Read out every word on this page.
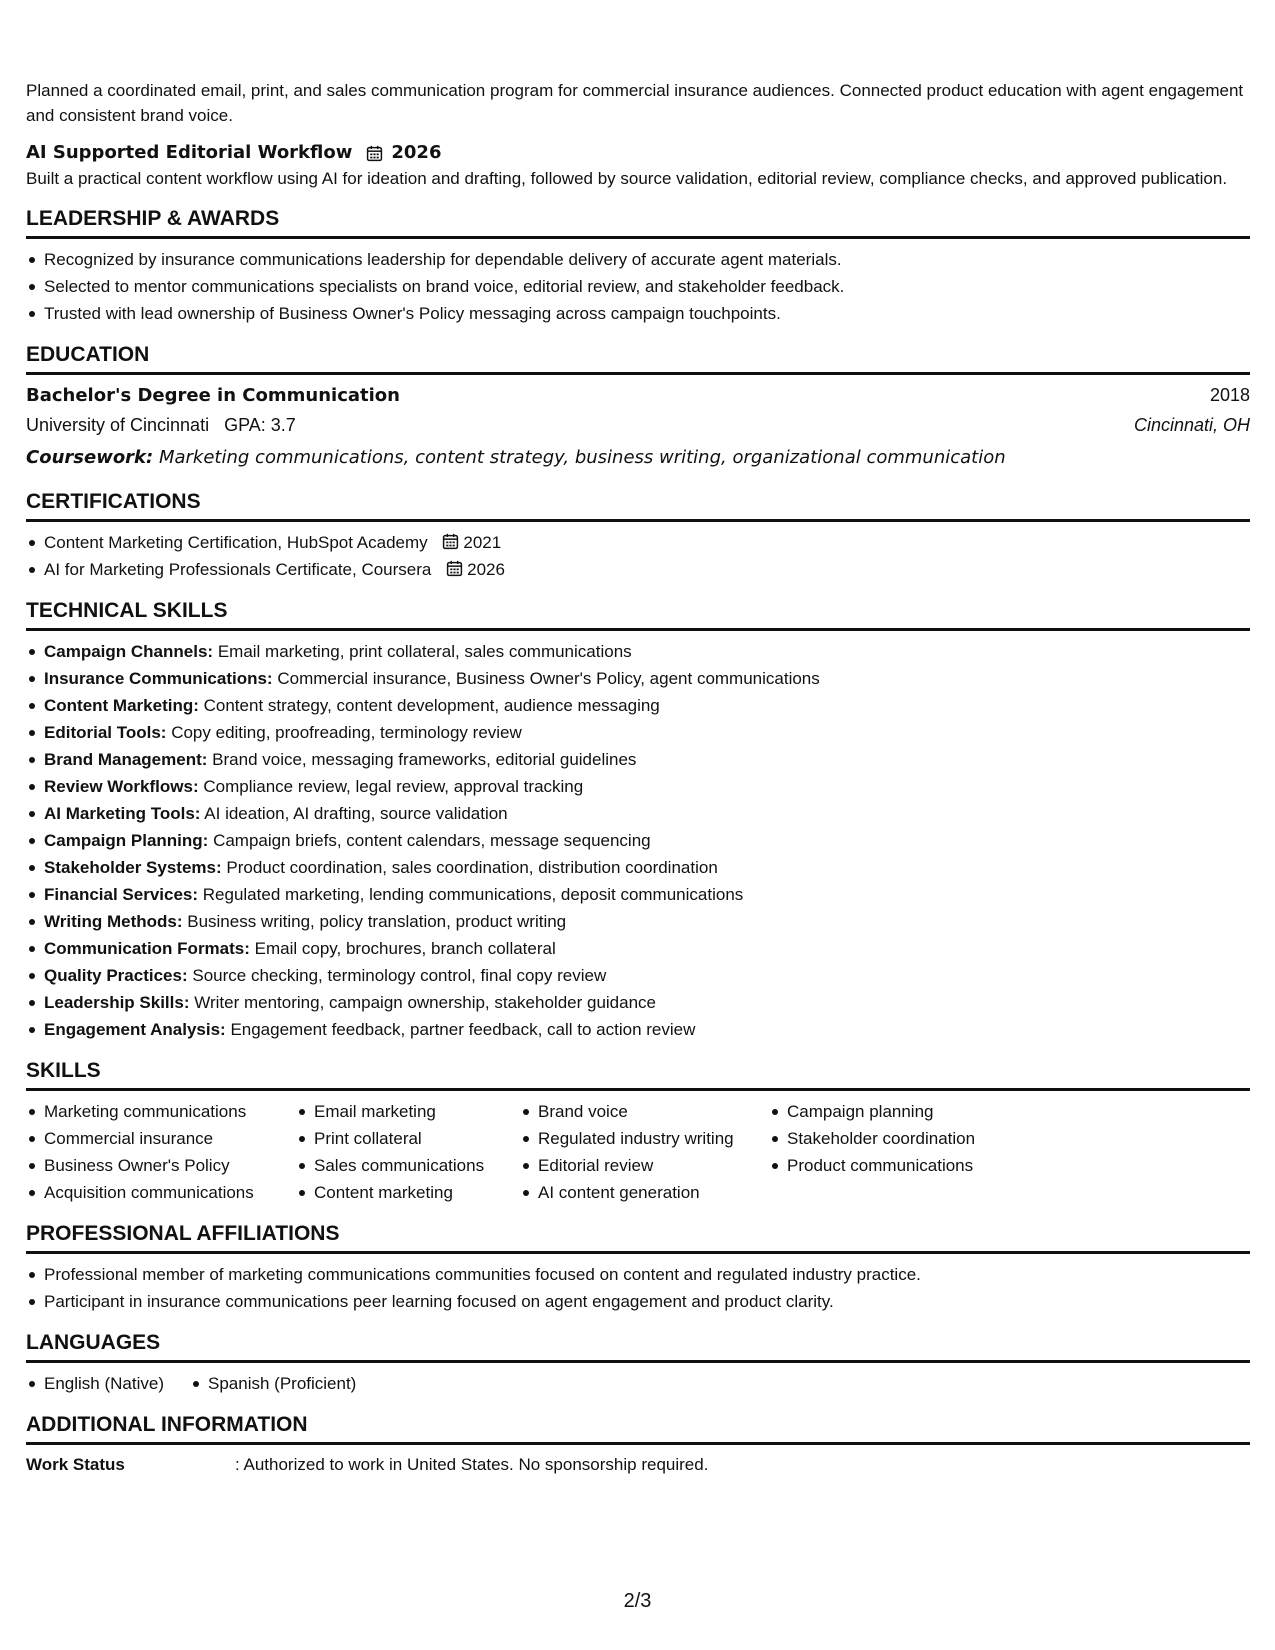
Planned a coordinated email, print, and sales communication program for commercial insurance audiences. Connected product education with agent engagement and consistent brand voice.

AI Supported Editorial Workflow 2026

Built a practical content workflow using AI for ideation and drafting, followed by source validation, editorial review, compliance checks, and approved publication.

LEADERSHIP & AWARDS
Recognized by insurance communications leadership for dependable delivery of accurate agent materials.
Selected to mentor communications specialists on brand voice, editorial review, and stakeholder feedback.
Trusted with lead ownership of Business Owner's Policy messaging across campaign touchpoints.
EDUCATION
Bachelor's Degree in Communication	2018
University of Cincinnati GPA: 3.7	Cincinnati, OH
Coursework: Marketing communications, content strategy, business writing, organizational communication
CERTIFICATIONS
Content Marketing Certification, HubSpot Academy 2021
AI for Marketing Professionals Certificate, Coursera 2026
TECHNICAL SKILLS
Campaign Channels: Email marketing, print collateral, sales communications
Insurance Communications: Commercial insurance, Business Owner's Policy, agent communications
Content Marketing: Content strategy, content development, audience messaging
Editorial Tools: Copy editing, proofreading, terminology review
Brand Management: Brand voice, messaging frameworks, editorial guidelines
Review Workflows: Compliance review, legal review, approval tracking
AI Marketing Tools: AI ideation, AI drafting, source validation
Campaign Planning: Campaign briefs, content calendars, message sequencing
Stakeholder Systems: Product coordination, sales coordination, distribution coordination
Financial Services: Regulated marketing, lending communications, deposit communications
Writing Methods: Business writing, policy translation, product writing
Communication Formats: Email copy, brochures, branch collateral
Quality Practices: Source checking, terminology control, final copy review
Leadership Skills: Writer mentoring, campaign ownership, stakeholder guidance
Engagement Analysis: Engagement feedback, partner feedback, call to action review
SKILLS
Marketing communications
Commercial insurance
Business Owner's Policy
Acquisition communications
Email marketing
Print collateral
Sales communications
Content marketing
Brand voice
Regulated industry writing
Editorial review
AI content generation
Campaign planning
Stakeholder coordination
Product communications
PROFESSIONAL AFFILIATIONS
Professional member of marketing communications communities focused on content and regulated industry practice.
Participant in insurance communications peer learning focused on agent engagement and product clarity.
LANGUAGES
English (Native)	Spanish (Proficient)
ADDITIONAL INFORMATION
Work Status	: Authorized to work in United States. No sponsorship required.
2/3
